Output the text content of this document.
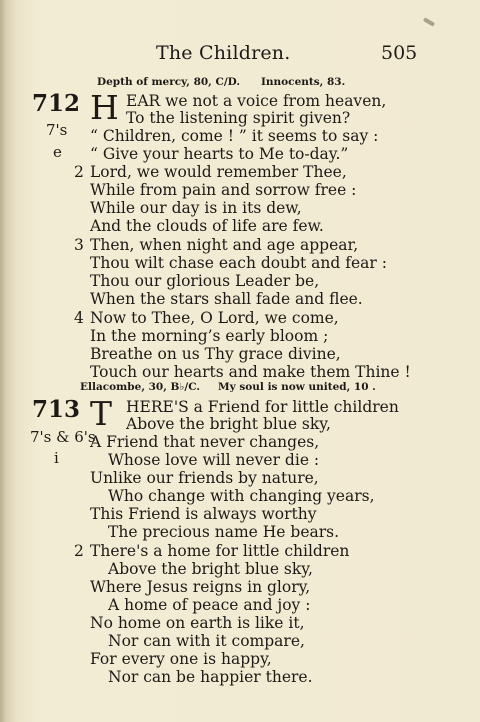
The Children.	505
Depth of mercy, 80, C/D. Innocents, 83.
712
7's
e
H EAR we not a voice from heaven,
To the listening spirit given?
“ Children, come ! ” it seems to say :
“ Give your hearts to Me to-day.”
2 Lord, we would remember Thee,
While from pain and sorrow free :
While our day is in its dew,
And the clouds of life are few.
3 Then, when night and age appear,
Thou wilt chase each doubt and fear :
Thou our glorious Leader be,
When the stars shall fade and flee.
4 Now to Thee, O Lord, we come,
In the morning’s early bloom ;
Breathe on us Thy grace divine,
Touch our hearts and make them Thine !
Ellacombe, 30, B♭/C. My soul is now united, 10 .
713
7's & 6's
i
T HERE'S a Friend for little children
Above the bright blue sky,
A Friend that never changes,
Whose love will never die :
Unlike our friends by nature,
Who change with changing years,
This Friend is always worthy
The precious name He bears.
2 There's a home for little children
Above the bright blue sky,
Where Jesus reigns in glory,
A home of peace and joy :
No home on earth is like it,
Nor can with it compare,
For every one is happy,
Nor can be happier there.
